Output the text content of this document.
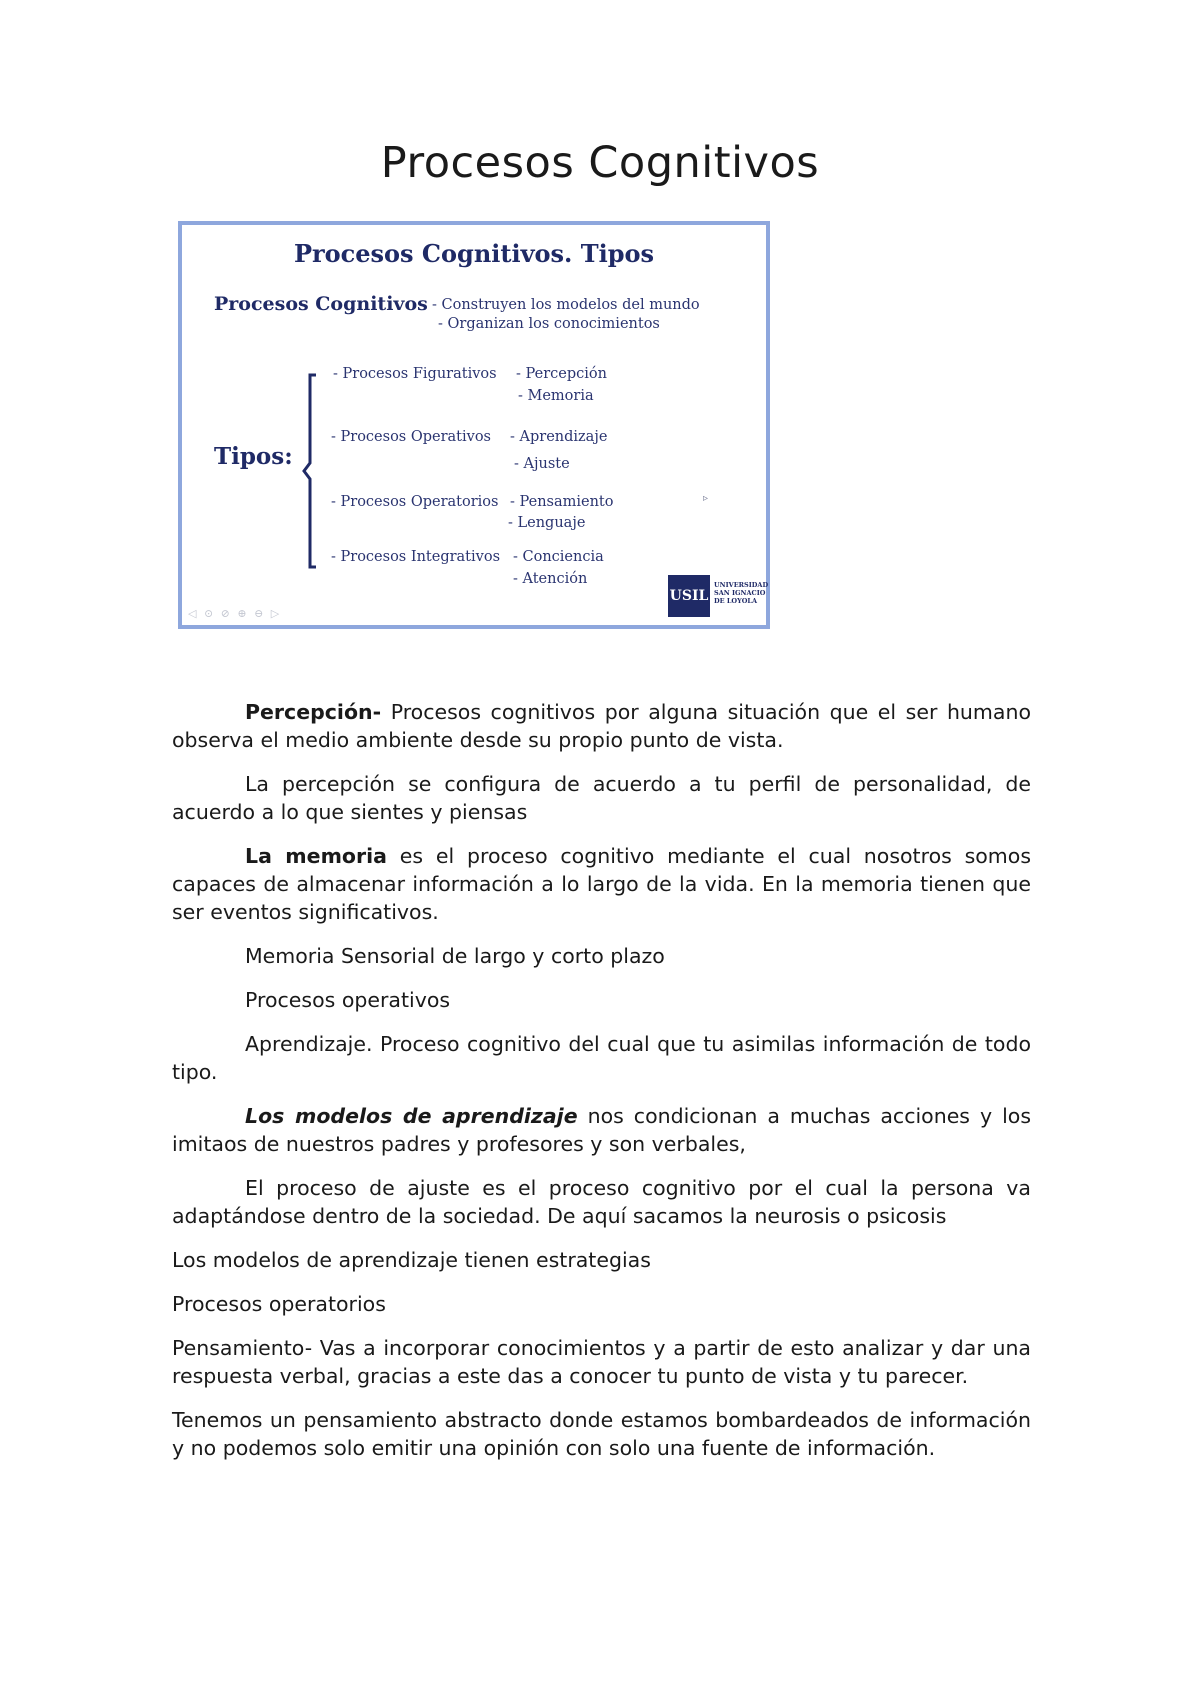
Procesos Cognitivos
Procesos Cognitivos. Tipos
Procesos Cognitivos - Construyen los modelos del mundo
- Organizan los conocimientos
Tipos:
- Procesos Figurativos - Percepción
- Memoria
- Procesos Operativos - Aprendizaje
- Ajuste
- Procesos Operatorios - Pensamiento
- Lenguaje
- Procesos Integrativos - Conciencia
- Atención
▹
USIL
UNIVERSIDAD
SAN IGNACIO
DE LOYOLA
◁ ⊙ ⊘ ⊕ ⊖ ▷

Percepción- Procesos cognitivos por alguna situación que el ser humano observa el medio ambiente desde su propio punto de vista.

La percepción se configura de acuerdo a tu perfil de personalidad, de acuerdo a lo que sientes y piensas

La memoria es el proceso cognitivo mediante el cual nosotros somos capaces de almacenar información a lo largo de la vida. En la memoria tienen que ser eventos significativos.

Memoria Sensorial de largo y corto plazo

Procesos operativos

Aprendizaje. Proceso cognitivo del cual que tu asimilas información de todo tipo.

Los modelos de aprendizaje nos condicionan a muchas acciones y los imitaos de nuestros padres y profesores y son verbales,

El proceso de ajuste es el proceso cognitivo por el cual la persona va adaptándose dentro de la sociedad. De aquí sacamos la neurosis o psicosis

Los modelos de aprendizaje tienen estrategias

Procesos operatorios

Pensamiento- Vas a incorporar conocimientos y a partir de esto analizar y dar una respuesta verbal, gracias a este das a conocer tu punto de vista y tu parecer.

Tenemos un pensamiento abstracto donde estamos bombardeados de información y no podemos solo emitir una opinión con solo una fuente de información.
